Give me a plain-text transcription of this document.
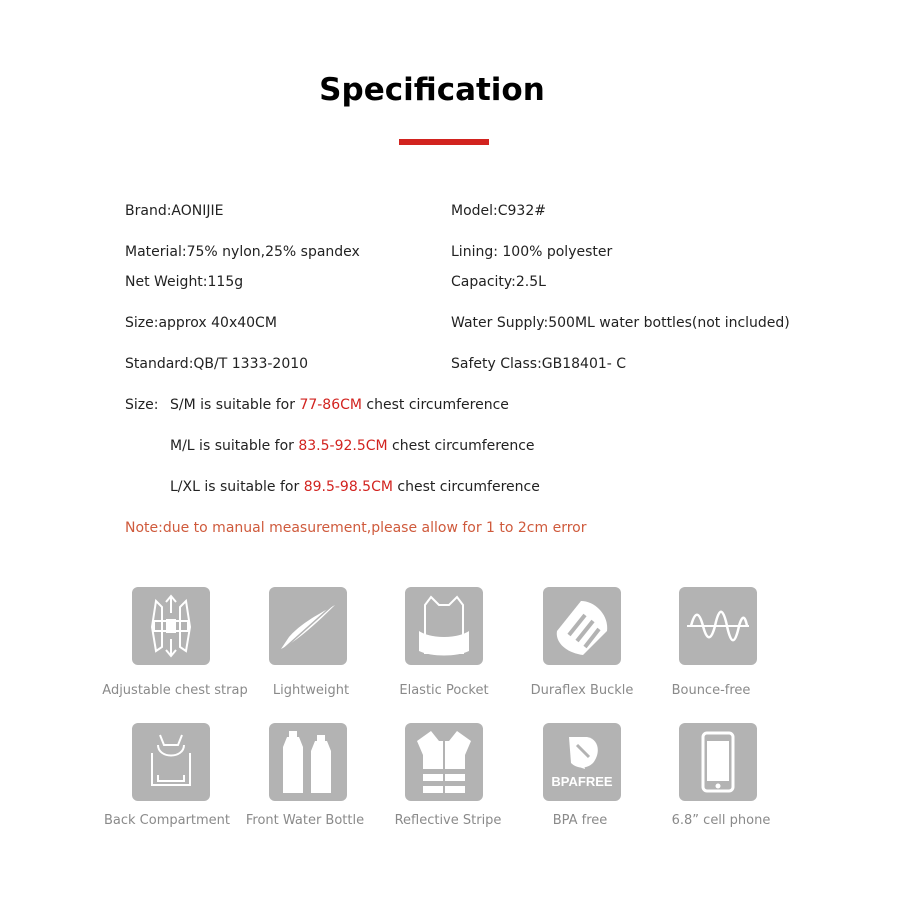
Specification
Brand:AONIJIE	Model:C932#
Material:75% nylon,25% spandex	Lining: 100% polyester
Net Weight:115g	Capacity:2.5L
Size:approx 40x40CM	Water Supply:500ML water bottles(not included)
Standard:QB/T 1333-2010	Safety Class:GB18401- C
Size: S/M is suitable for 77-86CM chest circumference
M/L is suitable for 83.5-92.5CM chest circumference
L/XL is suitable for 89.5-98.5CM chest circumference
Note:due to manual measurement,please allow for 1 to 2cm error
Adjustable chest strap	Lightweight	Elastic Pocket	Duraflex Buckle	Bounce-free
BPAFREE
Back Compartment	Front Water Bottle	Reflective Stripe	BPA free	6.8” cell phone
